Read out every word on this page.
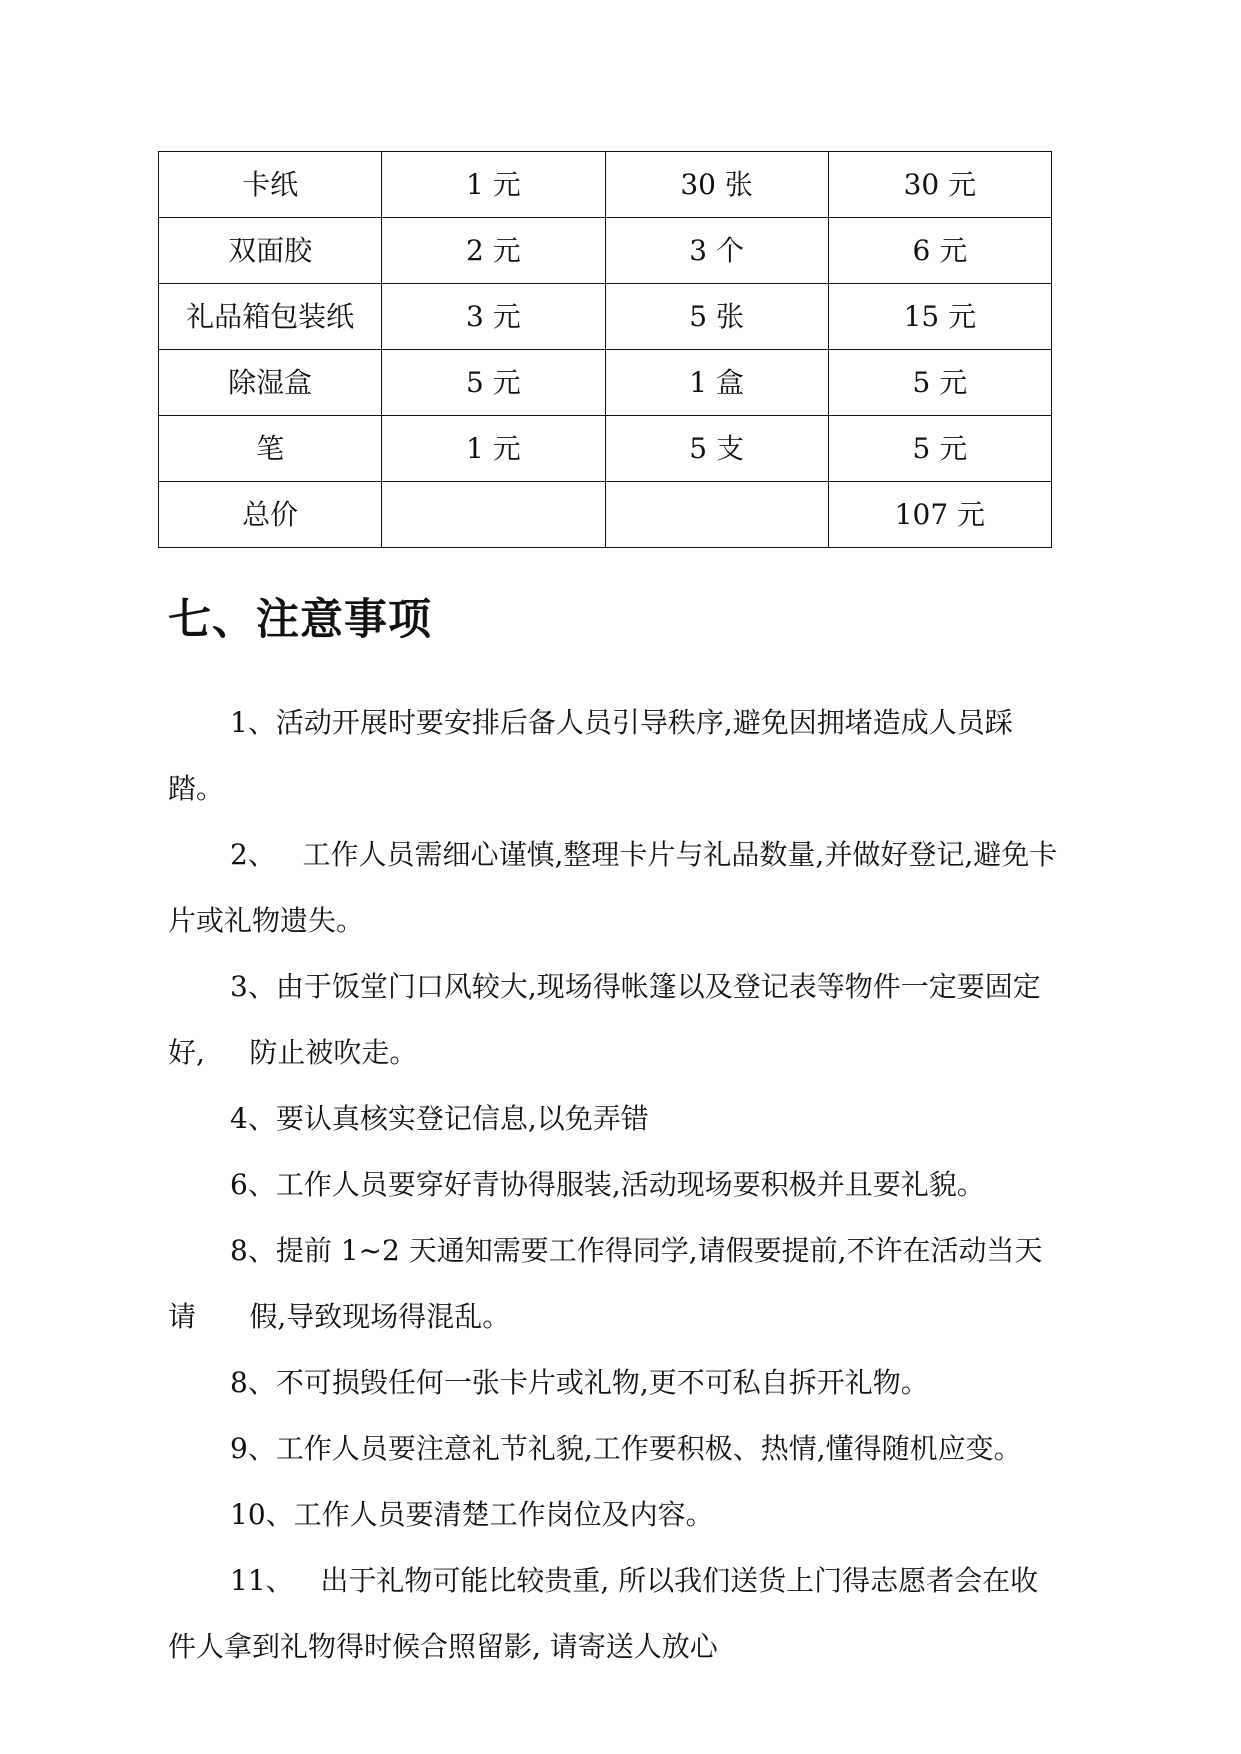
卡纸	1 元	30 张	30 元
双面胶	2 元	3 个	6 元
礼品箱包装纸	3 元	5 张	15 元
除湿盒	5 元	1 盒	5 元
笔	1 元	5 支	5 元
总价			107 元
七、注意事项
1、活动开展时要安排后备人员引导秩序,避免因拥堵造成人员踩踏。
2、   工作人员需细心谨慎,整理卡片与礼品数量,并做好登记,避免卡片或礼物遗失。
3、由于饭堂门口风较大,现场得帐篷以及登记表等物件一定要固定好,     防止被吹走。
4、要认真核实登记信息,以免弄错
6、工作人员要穿好青协得服装,活动现场要积极并且要礼貌。
8、提前 1~2 天通知需要工作得同学,请假要提前,不许在活动当天请      假,导致现场得混乱。
8、不可损毁任何一张卡片或礼物,更不可私自拆开礼物。
9、工作人员要注意礼节礼貌,工作要积极、热情,懂得随机应变。
10、工作人员要清楚工作岗位及内容。
11、   出于礼物可能比较贵重, 所以我们送货上门得志愿者会在收件人拿到礼物得时候合照留影, 请寄送人放心
